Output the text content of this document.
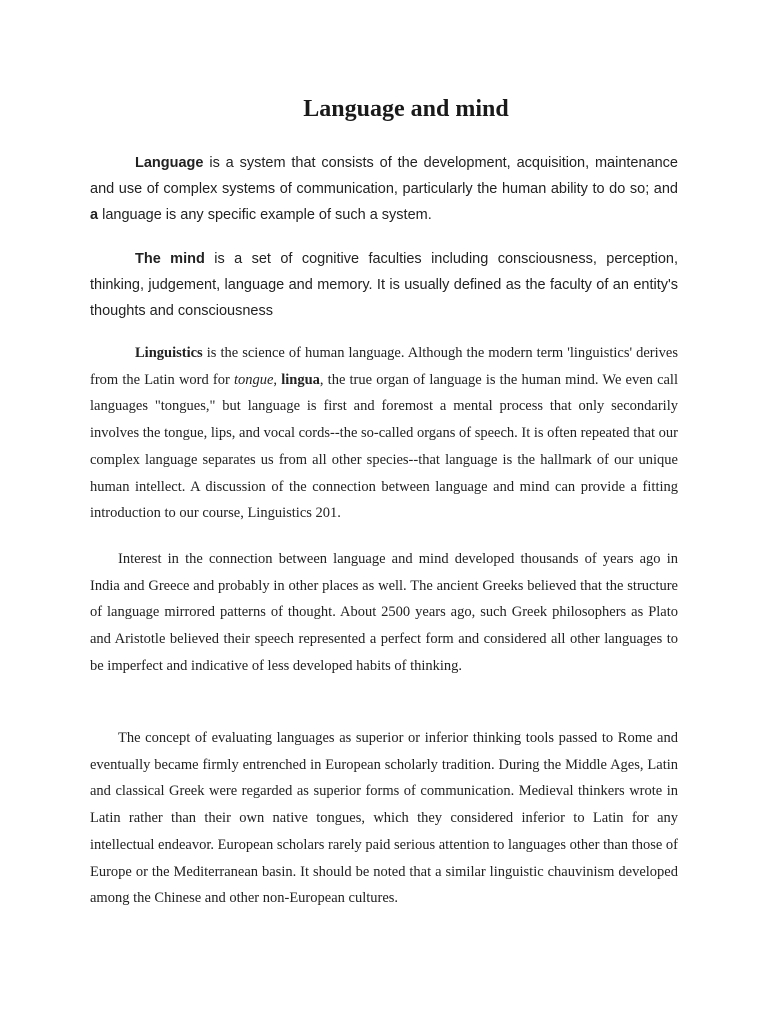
Language and mind

Language is a system that consists of the development, acquisition, maintenance and use of complex systems of communication, particularly the human ability to do so; and a language is any specific example of such a system.

The mind is a set of cognitive faculties including consciousness, perception, thinking, judgement, language and memory. It is usually defined as the faculty of an entity's thoughts and consciousness

Linguistics is the science of human language. Although the modern term 'linguistics' derives from the Latin word for tongue, lingua, the true organ of language is the human mind. We even call languages "tongues," but language is first and foremost a mental process that only secondarily involves the tongue, lips, and vocal cords--the so-called organs of speech. It is often repeated that our complex language separates us from all other species--that language is the hallmark of our unique human intellect. A discussion of the connection between language and mind can provide a fitting introduction to our course, Linguistics 201.

Interest in the connection between language and mind developed thousands of years ago in India and Greece and probably in other places as well. The ancient Greeks believed that the structure of language mirrored patterns of thought. About 2500 years ago, such Greek philosophers as Plato and Aristotle believed their speech represented a perfect form and considered all other languages to be imperfect and indicative of less developed habits of thinking.

The concept of evaluating languages as superior or inferior thinking tools passed to Rome and eventually became firmly entrenched in European scholarly tradition. During the Middle Ages, Latin and classical Greek were regarded as superior forms of communication. Medieval thinkers wrote in Latin rather than their own native tongues, which they considered inferior to Latin for any intellectual endeavor. European scholars rarely paid serious attention to languages other than those of Europe or the Mediterranean basin. It should be noted that a similar linguistic chauvinism developed among the Chinese and other non-European cultures.
